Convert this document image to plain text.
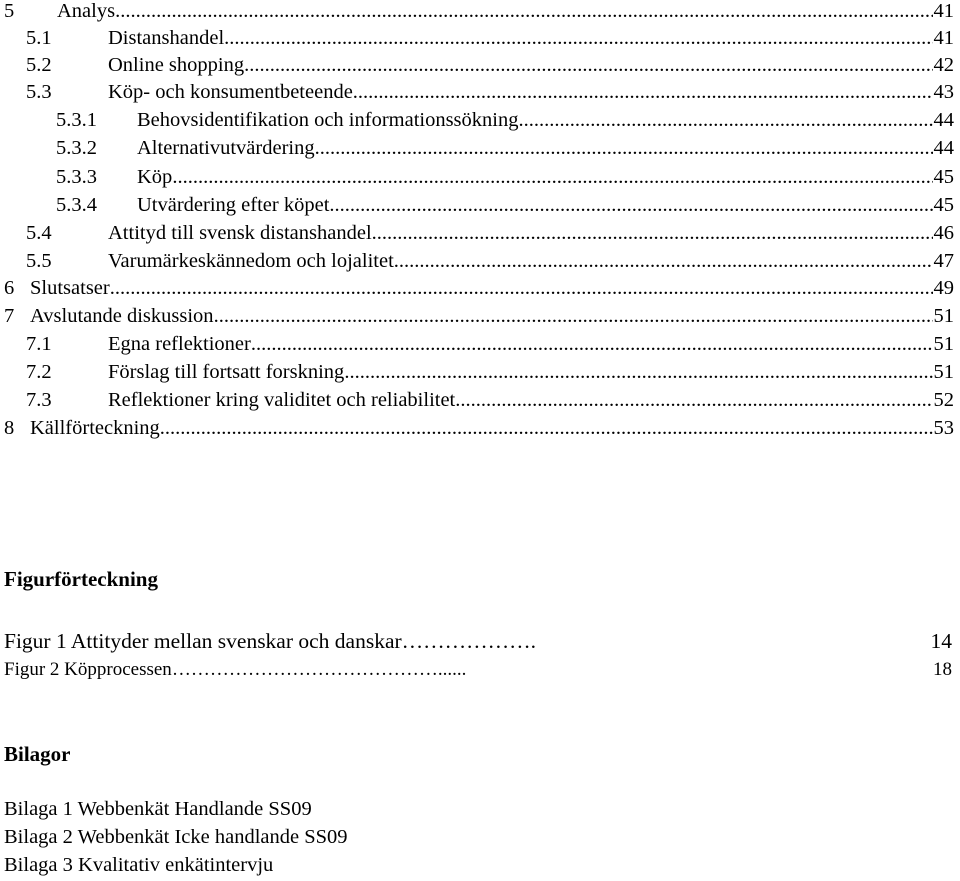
5 Analys .....	41
5.1	Distanshandel .....	41
5.2	Online shopping .....	42
5.3	Köp- och konsumentbeteende .....	43
5.3.1 Behovsidentifikation och informationssökning .....	44
5.3.2 Alternativutvärdering .....	44
5.3.3 Köp .....	45
5.3.4 Utvärdering efter köpet .....	45
5.4	Attityd till svensk distanshandel .....	46
5.5	Varumärkeskännedom och lojalitet .....	47
6 Slutsatser .....	49
7 Avslutande diskussion .....	51
7.1	Egna reflektioner .....	51
7.2	Förslag till fortsatt forskning .....	51
7.3	Reflektioner kring validitet och reliabilitet .....	52
8 Källförteckning .....	53
Figurförteckning
Figur 1 Attityder mellan svenskar och danskar ……………….	14
Figur 2 Köpprocessen ……………………………………......	18
Bilagor
Bilaga 1 Webbenkät Handlande SS09
Bilaga 2 Webbenkät Icke handlande SS09
Bilaga 3 Kvalitativ enkätintervju
